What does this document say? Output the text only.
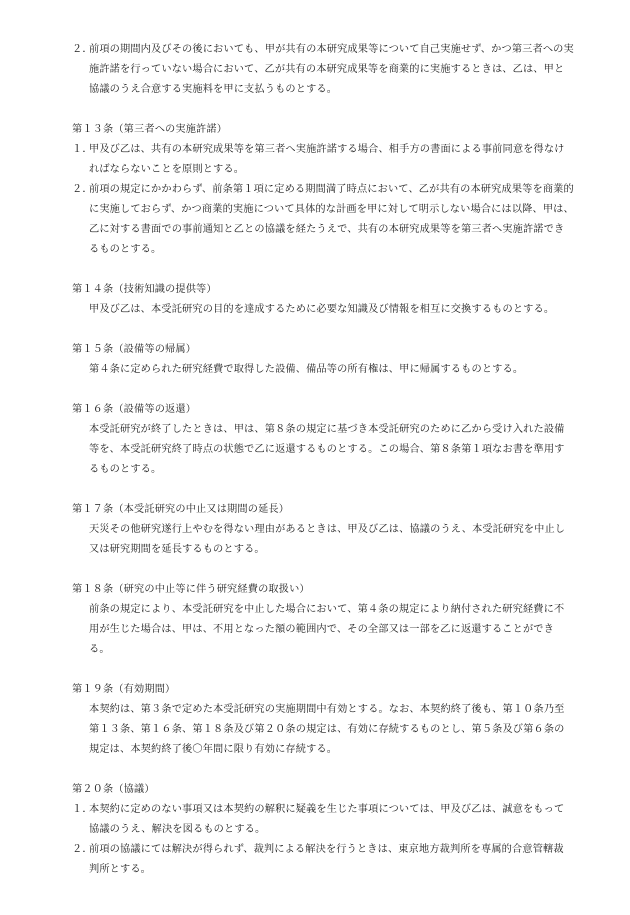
２．
前項の期間内及びその後においても、甲が共有の本研究成果等について自己実施せず、かつ第三者への実施許諾を行っていない場合において、乙が共有の本研究成果等を商業的に実施するときは、乙は、甲と協議のうえ合意する実施料を甲に支払うものとする。

第１３条（第三者への実施許諾）

１．
甲及び乙は、共有の本研究成果等を第三者へ実施許諾する場合、相手方の書面による事前同意を得なければならないことを原則とする。
２．
前項の規定にかかわらず、前条第１項に定める期間満了時点において、乙が共有の本研究成果等を商業的に実施しておらず、かつ商業的実施について具体的な計画を甲に対して明示しない場合には以降、甲は、乙に対する書面での事前通知と乙との協議を経たうえで、共有の本研究成果等を第三者へ実施許諾できるものとする。

第１４条（技術知識の提供等）

甲及び乙は、本受託研究の目的を達成するために必要な知識及び情報を相互に交換するものとする。

第１５条（設備等の帰属）

第４条に定められた研究経費で取得した設備、備品等の所有権は、甲に帰属するものとする。

第１６条（設備等の返還）

本受託研究が終了したときは、甲は、第８条の規定に基づき本受託研究のために乙から受け入れた設備等を、本受託研究終了時点の状態で乙に返還するものとする。この場合、第８条第１項なお書を準用するものとする。

第１７条（本受託研究の中止又は期間の延長）

天災その他研究遂行上やむを得ない理由があるときは、甲及び乙は、協議のうえ、本受託研究を中止し又は研究期間を延長するものとする。

第１８条（研究の中止等に伴う研究経費の取扱い）

前条の規定により、本受託研究を中止した場合において、第４条の規定により納付された研究経費に不用が生じた場合は、甲は、不用となった額の範囲内で、その全部又は一部を乙に返還することができる。

第１９条（有効期間）

本契約は、第３条で定めた本受託研究の実施期間中有効とする。なお、本契約終了後も、第１０条乃至第１３条、第１６条、第１８条及び第２０条の規定は、有効に存続するものとし、第５条及び第６条の規定は、本契約終了後〇年間に限り有効に存続する。

第２０条（協議）

１．
本契約に定めのない事項又は本契約の解釈に疑義を生じた事項については、甲及び乙は、誠意をもって協議のうえ、解決を図るものとする。
２．
前項の協議にては解決が得られず、裁判による解決を行うときは、東京地方裁判所を専属的合意管轄裁判所とする。
